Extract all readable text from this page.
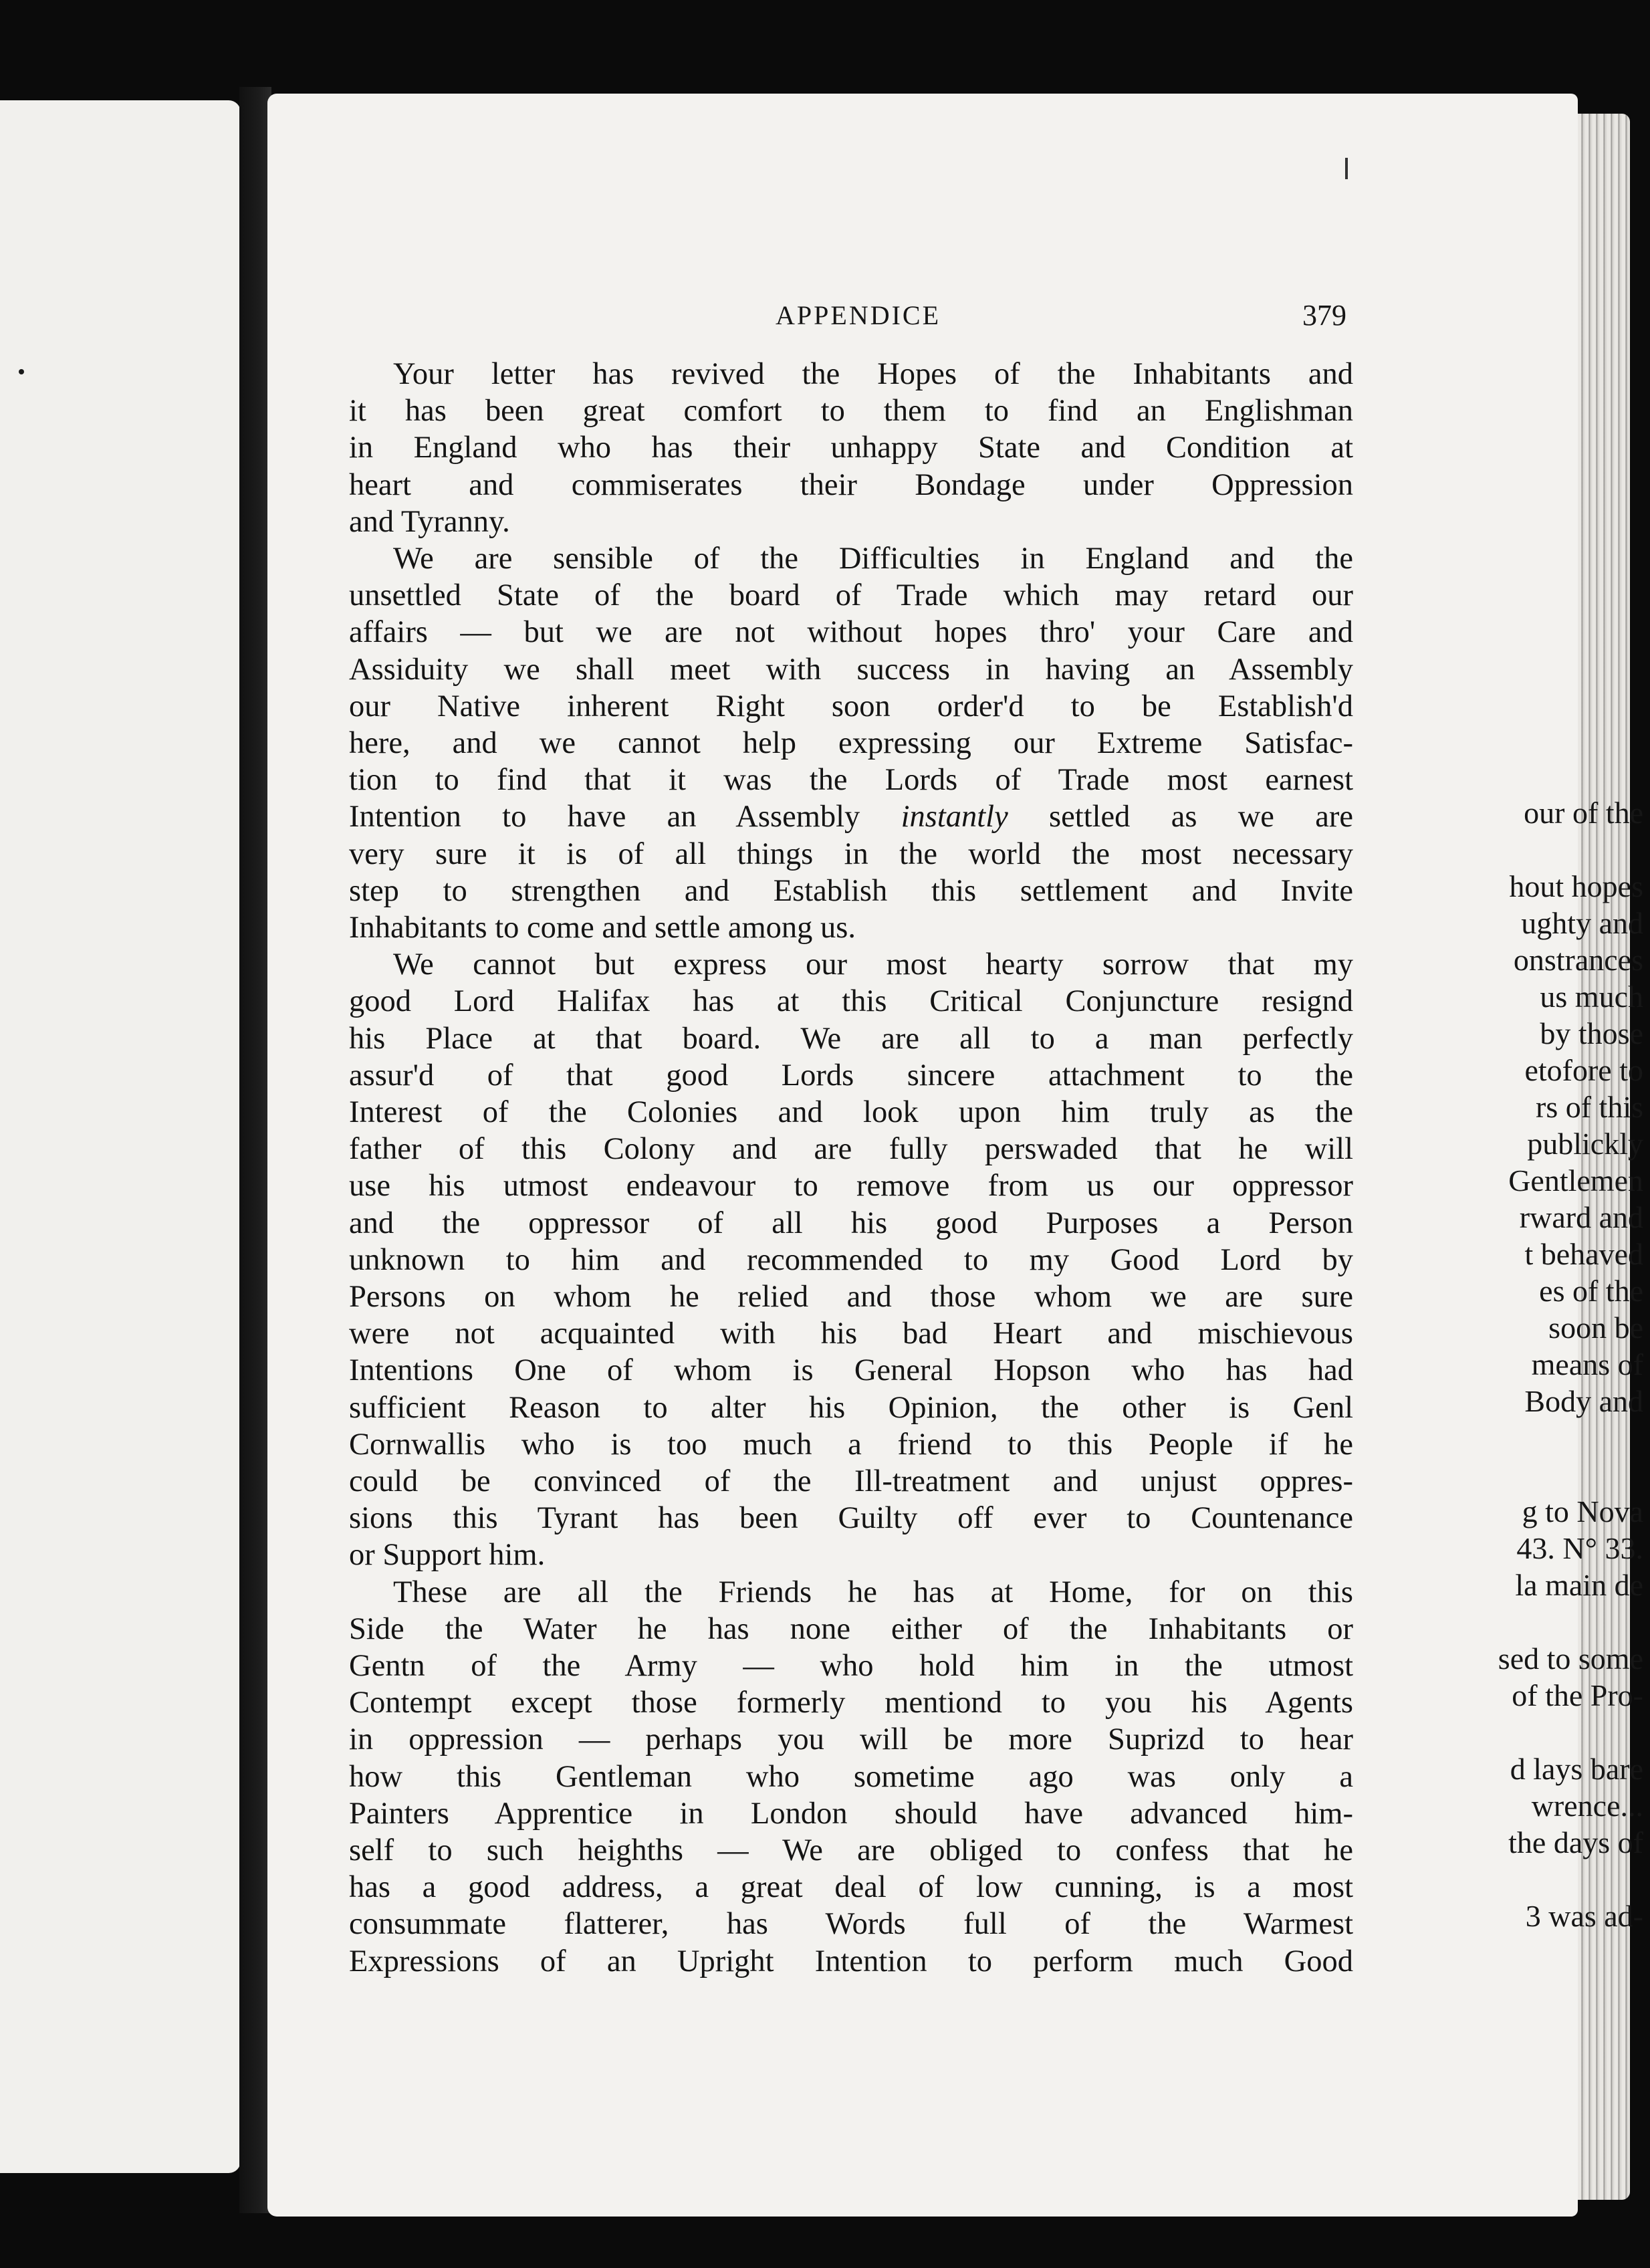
our of the

hout hopes

ughty and

onstrances

us much

by those

etofore to

rs of this

publickly

Gentlemen

rward and

t behaved

es of the

soon be

means of

Body and

g to Nova

43. N° 33.

la main de

sed to some

of the Pro-

d lays bare

wrence...

the days of

3 was ad-

APPENDICE	379

Your letter has revived the Hopes of the Inhabitants and

it has been great comfort to them to find an Englishman

in England who has their unhappy State and Condition at

heart and commiserates their Bondage under Oppression

and Tyranny.

We are sensible of the Difficulties in England and the

unsettled State of the board of Trade which may retard our

affairs — but we are not without hopes thro' your Care and

Assiduity we shall meet with success in having an Assembly

our Native inherent Right soon order'd to be Establish'd

here, and we cannot help expressing our Extreme Satisfac-

tion to find that it was the Lords of Trade most earnest

Intention to have an Assembly instantly settled as we are

very sure it is of all things in the world the most necessary

step to strengthen and Establish this settlement and Invite

Inhabitants to come and settle among us.

We cannot but express our most hearty sorrow that my

good Lord Halifax has at this Critical Conjuncture resignd

his Place at that board. We are all to a man perfectly

assur'd of that good Lords sincere attachment to the

Interest of the Colonies and look upon him truly as the

father of this Colony and are fully perswaded that he will

use his utmost endeavour to remove from us our oppressor

and the oppressor of all his good Purposes a Person

unknown to him and recommended to my Good Lord by

Persons on whom he relied and those whom we are sure

were not acquainted with his bad Heart and mischievous

Intentions One of whom is General Hopson who has had

sufficient Reason to alter his Opinion, the other is Genl

Cornwallis who is too much a friend to this People if he

could be convinced of the Ill-treatment and unjust oppres-

sions this Tyrant has been Guilty off ever to Countenance

or Support him.

These are all the Friends he has at Home, for on this

Side the Water he has none either of the Inhabitants or

Gentn of the Army — who hold him in the utmost

Contempt except those formerly mentiond to you his Agents

in oppression — perhaps you will be more Suprizd to hear

how this Gentleman who sometime ago was only a

Painters Apprentice in London should have advanced him-

self to such heighths — We are obliged to confess that he

has a good address, a great deal of low cunning, is a most

consummate flatterer, has Words full of the Warmest

Expressions of an Upright Intention to perform much Good
